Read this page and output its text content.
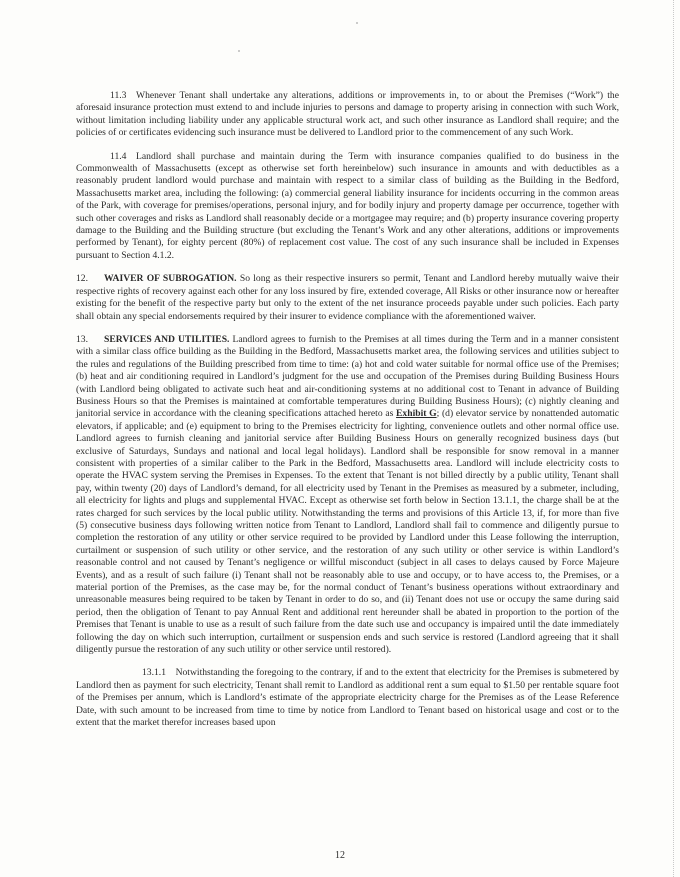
11.3 Whenever Tenant shall undertake any alterations, additions or improvements in, to or about the Premises (“Work”) the aforesaid insurance protection must extend to and include injuries to persons and damage to property arising in connection with such Work, without limitation including liability under any applicable structural work act, and such other insurance as Landlord shall require; and the policies of or certificates evidencing such insurance must be delivered to Landlord prior to the commencement of any such Work.

11.4 Landlord shall purchase and maintain during the Term with insurance companies qualified to do business in the Commonwealth of Massachusetts (except as otherwise set forth hereinbelow) such insurance in amounts and with deductibles as a reasonably prudent landlord would purchase and maintain with respect to a similar class of building as the Building in the Bedford, Massachusetts market area, including the following: (a) commercial general liability insurance for incidents occurring in the common areas of the Park, with coverage for premises/operations, personal injury, and for bodily injury and property damage per occurrence, together with such other coverages and risks as Landlord shall reasonably decide or a mortgagee may require; and (b) property insurance covering property damage to the Building and the Building structure (but excluding the Tenant’s Work and any other alterations, additions or improvements performed by Tenant), for eighty percent (80%) of replacement cost value. The cost of any such insurance shall be included in Expenses pursuant to Section 4.1.2.

12. WAIVER OF SUBROGATION. So long as their respective insurers so permit, Tenant and Landlord hereby mutually waive their respective rights of recovery against each other for any loss insured by fire, extended coverage, All Risks or other insurance now or hereafter existing for the benefit of the respective party but only to the extent of the net insurance proceeds payable under such policies. Each party shall obtain any special endorsements required by their insurer to evidence compliance with the aforementioned waiver.

13. SERVICES AND UTILITIES. Landlord agrees to furnish to the Premises at all times during the Term and in a manner consistent with a similar class office building as the Building in the Bedford, Massachusetts market area, the following services and utilities subject to the rules and regulations of the Building prescribed from time to time: (a) hot and cold water suitable for normal office use of the Premises; (b) heat and air conditioning required in Landlord’s judgment for the use and occupation of the Premises during Building Business Hours (with Landlord being obligated to activate such heat and air-conditioning systems at no additional cost to Tenant in advance of Building Business Hours so that the Premises is maintained at comfortable temperatures during Building Business Hours); (c) nightly cleaning and janitorial service in accordance with the cleaning specifications attached hereto as Exhibit G; (d) elevator service by nonattended automatic elevators, if applicable; and (e) equipment to bring to the Premises electricity for lighting, convenience outlets and other normal office use. Landlord agrees to furnish cleaning and janitorial service after Building Business Hours on generally recognized business days (but exclusive of Saturdays, Sundays and national and local legal holidays). Landlord shall be responsible for snow removal in a manner consistent with properties of a similar caliber to the Park in the Bedford, Massachusetts area. Landlord will include electricity costs to operate the HVAC system serving the Premises in Expenses. To the extent that Tenant is not billed directly by a public utility, Tenant shall pay, within twenty (20) days of Landlord’s demand, for all electricity used by Tenant in the Premises as measured by a submeter, including, all electricity for lights and plugs and supplemental HVAC. Except as otherwise set forth below in Section 13.1.1, the charge shall be at the rates charged for such services by the local public utility. Notwithstanding the terms and provisions of this Article 13, if, for more than five (5) consecutive business days following written notice from Tenant to Landlord, Landlord shall fail to commence and diligently pursue to completion the restoration of any utility or other service required to be provided by Landlord under this Lease following the interruption, curtailment or suspension of such utility or other service, and the restoration of any such utility or other service is within Landlord’s reasonable control and not caused by Tenant’s negligence or willful misconduct (subject in all cases to delays caused by Force Majeure Events), and as a result of such failure (i) Tenant shall not be reasonably able to use and occupy, or to have access to, the Premises, or a material portion of the Premises, as the case may be, for the normal conduct of Tenant’s business operations without extraordinary and unreasonable measures being required to be taken by Tenant in order to do so, and (ii) Tenant does not use or occupy the same during said period, then the obligation of Tenant to pay Annual Rent and additional rent hereunder shall be abated in proportion to the portion of the Premises that Tenant is unable to use as a result of such failure from the date such use and occupancy is impaired until the date immediately following the day on which such interruption, curtailment or suspension ends and such service is restored (Landlord agreeing that it shall diligently pursue the restoration of any such utility or other service until restored).

13.1.1 Notwithstanding the foregoing to the contrary, if and to the extent that electricity for the Premises is submetered by Landlord then as payment for such electricity, Tenant shall remit to Landlord as additional rent a sum equal to $1.50 per rentable square foot of the Premises per annum, which is Landlord’s estimate of the appropriate electricity charge for the Premises as of the Lease Reference Date, with such amount to be increased from time to time by notice from Landlord to Tenant based on historical usage and cost or to the extent that the market therefor increases based upon

12
